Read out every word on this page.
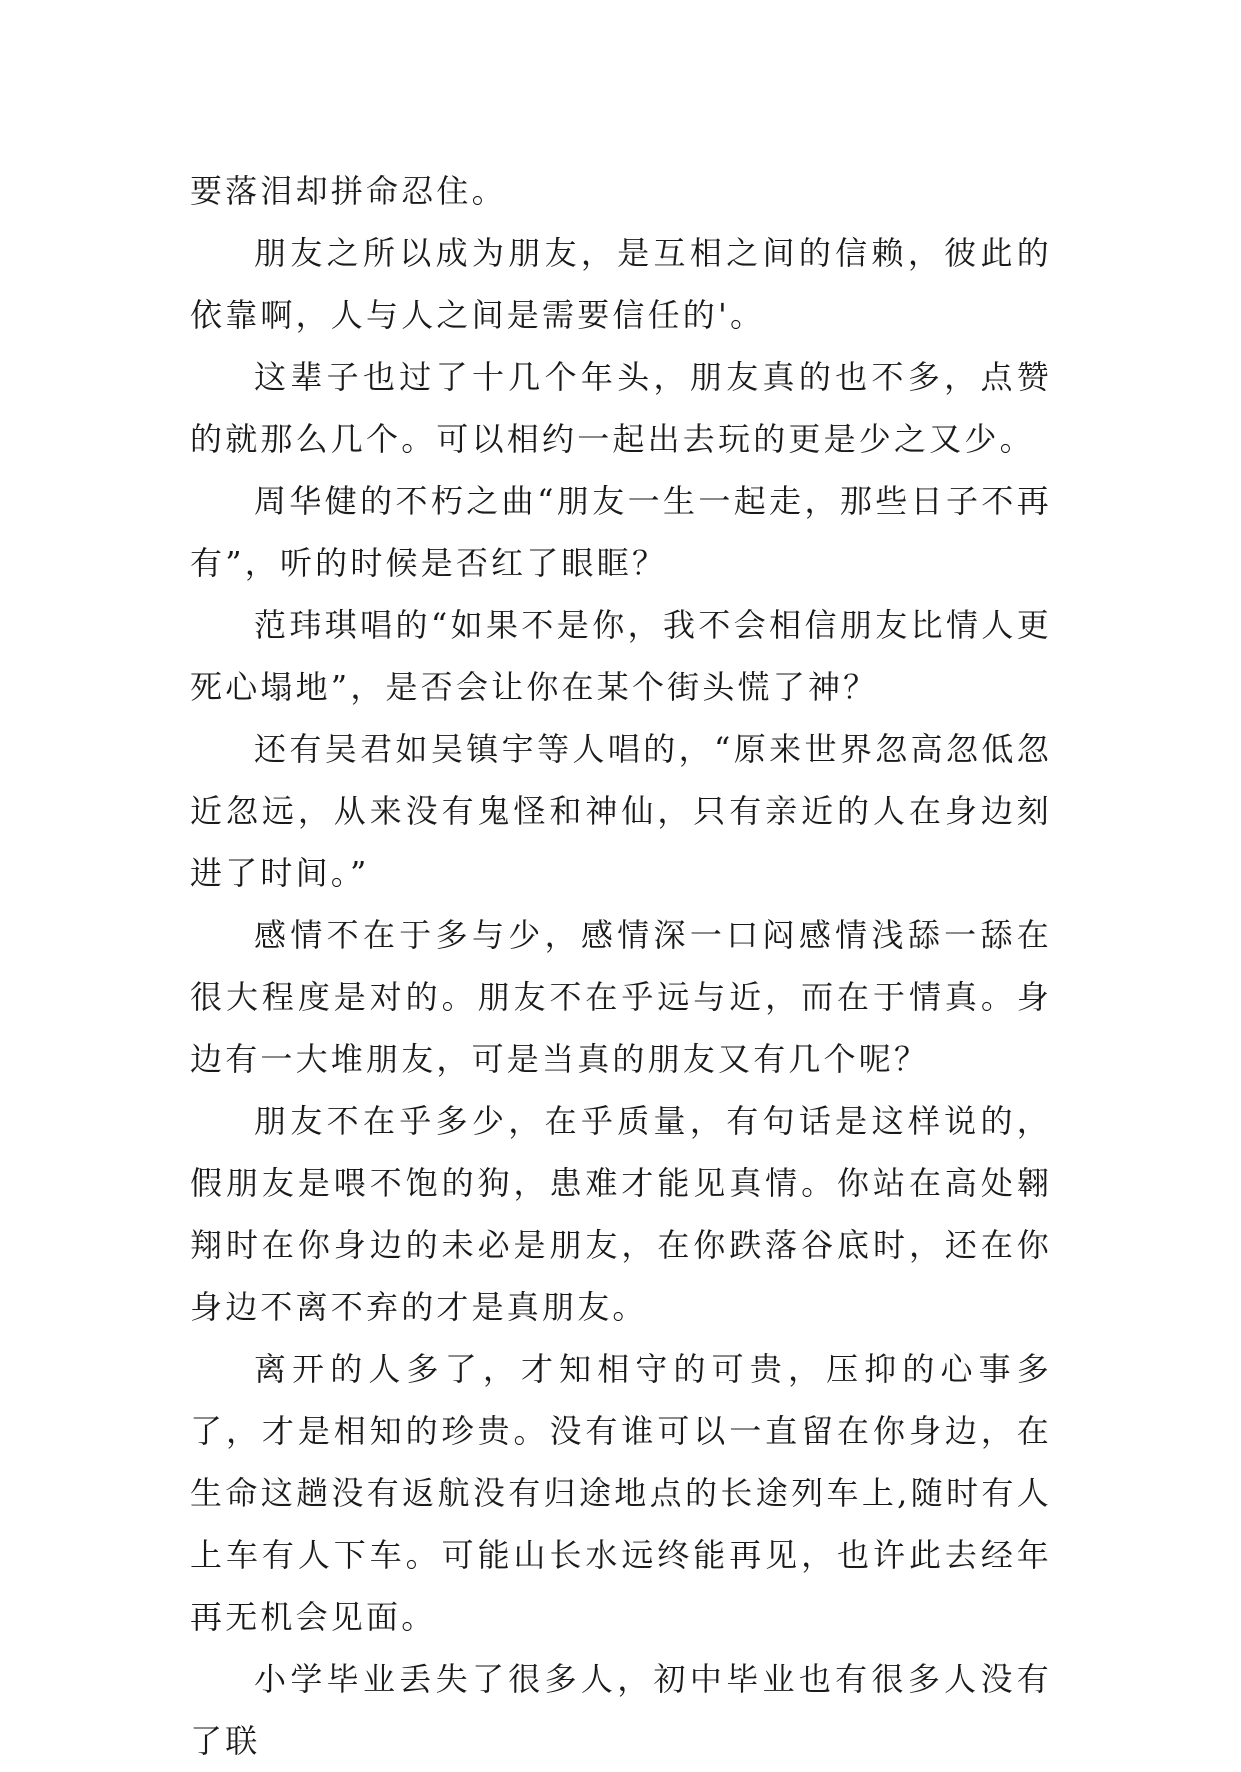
要落泪却拼命忍住。

朋友之所以成为朋友，是互相之间的信赖，彼此的依靠啊，人与人之间是需要信任的'。

这辈子也过了十几个年头，朋友真的也不多，点赞的就那么几个。可以相约一起出去玩的更是少之又少。

周华健的不朽之曲“朋友一生一起走，那些日子不再有”，听的时候是否红了眼眶？

范玮琪唱的“如果不是你，我不会相信朋友比情人更死心塌地”，是否会让你在某个街头慌了神？

还有吴君如吴镇宇等人唱的，“原来世界忽高忽低忽近忽远，从来没有鬼怪和神仙，只有亲近的人在身边刻进了时间。”

感情不在于多与少，感情深一口闷感情浅舔一舔在很大程度是对的。朋友不在乎远与近，而在于情真。身边有一大堆朋友，可是当真的朋友又有几个呢？

朋友不在乎多少，在乎质量，有句话是这样说的，假朋友是喂不饱的狗，患难才能见真情。你站在高处翱翔时在你身边的未必是朋友，在你跌落谷底时，还在你身边不离不弃的才是真朋友。

离开的人多了，才知相守的可贵，压抑的心事多了，才是相知的珍贵。没有谁可以一直留在你身边，在生命这趟没有返航没有归途地点的长途列车上,随时有人上车有人下车。可能山长水远终能再见，也许此去经年再无机会见面。

小学毕业丢失了很多人，初中毕业也有很多人没有了联
